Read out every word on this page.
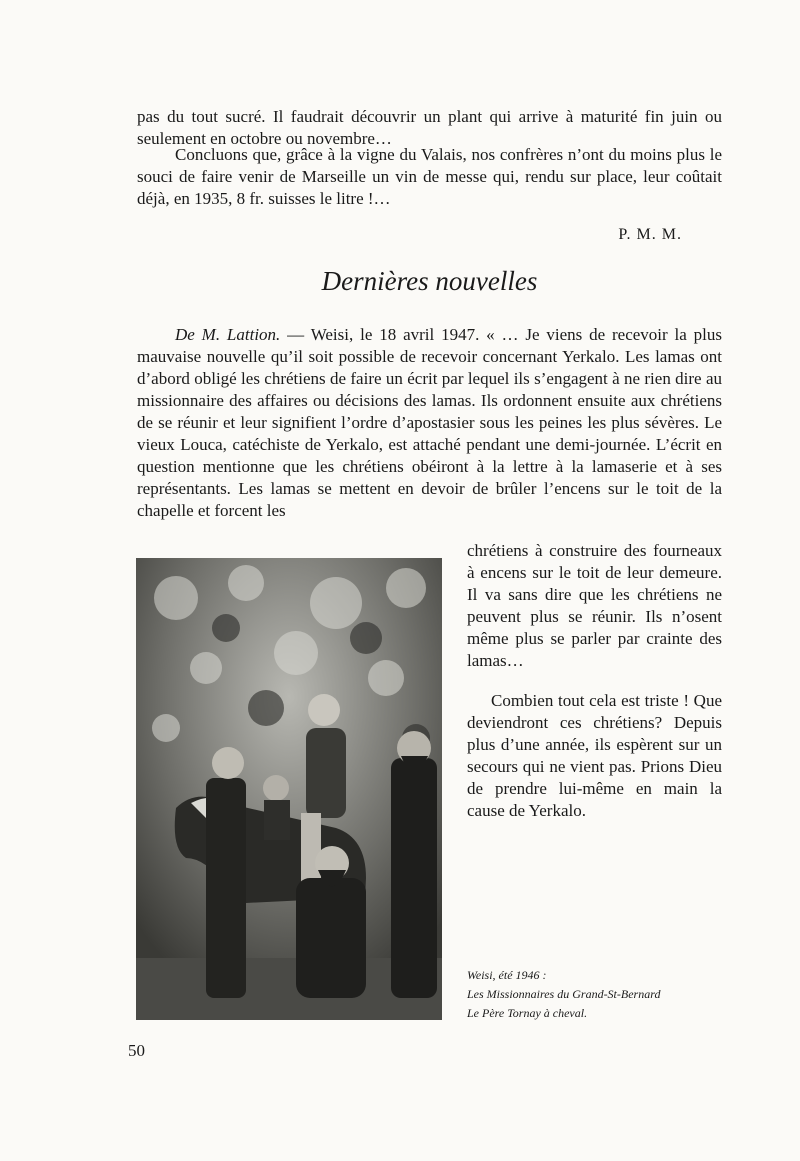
pas du tout sucré. Il faudrait découvrir un plant qui arrive à maturité fin juin ou seulement en octobre ou novembre…

Concluons que, grâce à la vigne du Valais, nos confrères n’ont du moins plus le souci de faire venir de Marseille un vin de messe qui, rendu sur place, leur coûtait déjà, en 1935, 8 fr. suisses le litre !…

P. M. M.
Dernières nouvelles

De M. Lattion. — Weisi, le 18 avril 1947. « … Je viens de recevoir la plus mauvaise nouvelle qu’il soit possible de recevoir concernant Yerkalo. Les lamas ont d’abord obligé les chrétiens de faire un écrit par lequel ils s’engagent à ne rien dire au missionnaire des affaires ou décisions des lamas. Ils ordonnent ensuite aux chrétiens de se réunir et leur signifient l’ordre d’apostasier sous les peines les plus sévères. Le vieux Louca, catéchiste de Yerkalo, est attaché pendant une demi-journée. L’écrit en question mentionne que les chrétiens obéiront à la lettre à la lamaserie et à ses représentants. Les lamas se mettent en devoir de brûler l’encens sur le toit de la chapelle et forcent les

chrétiens à construire des fourneaux à encens sur le toit de leur demeure. Il va sans dire que les chrétiens ne peuvent plus se réunir. Ils n’osent même plus se parler par crainte des lamas…

Combien tout cela est triste ! Que deviendront ces chrétiens? Depuis plus d’une année, ils espèrent sur un secours qui ne vient pas. Prions Dieu de prendre lui-même en main la cause de Yerkalo.

Weisi, été 1946 :
Les Missionnaires du Grand-St-Bernard
Le Père Tornay à cheval.
50
